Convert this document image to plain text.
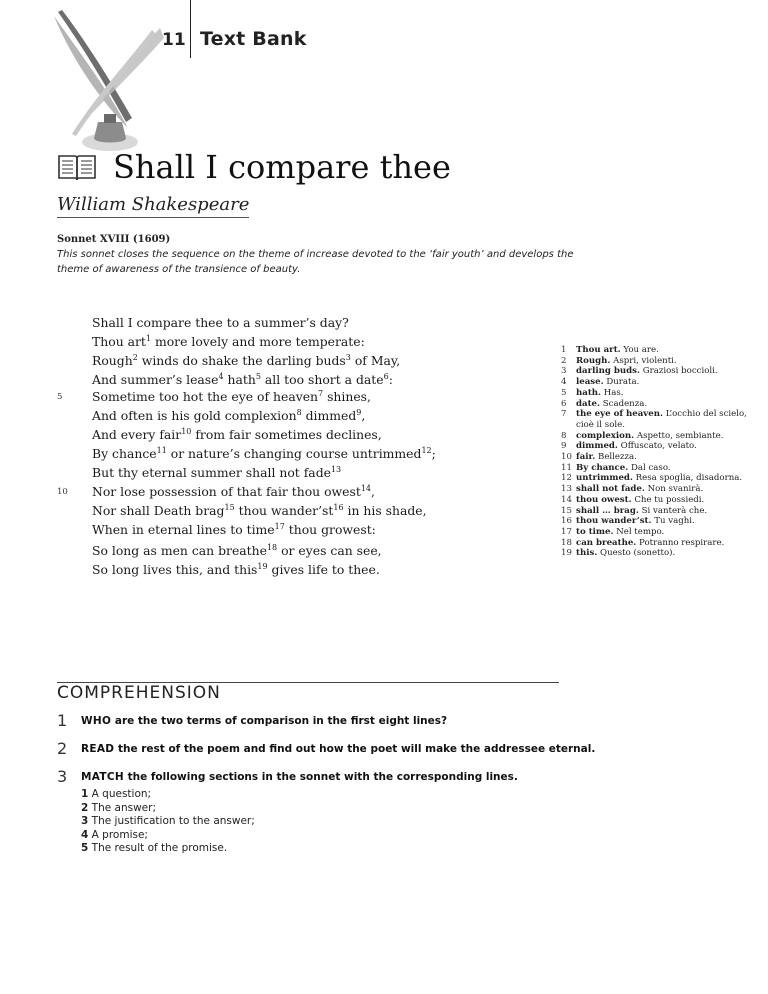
11 Text Bank
Shall I compare thee
William Shakespeare
Sonnet XVIII (1609)
This sonnet closes the sequence on the theme of increase devoted to the ‘fair youth’ and develops the theme of awareness of the transience of beauty.
Shall I compare thee to a summer’s day?
Thou art$^1$ more lovely and more temperate:
Rough$^2$ winds do shake the darling buds$^3$ of May,
And summer’s lease$^4$ hath$^5$ all too short a date$^6$:
5 Sometime too hot the eye of heaven$^7$ shines,
And often is his gold complexion$^8$ dimmed$^9$,
And every fair$^{10}$ from fair sometimes declines,
By chance$^{11}$ or nature’s changing course untrimmed$^{12}$;
10
But thy eternal summer shall not fade$^{13}$
Nor lose possession of that fair thou owest$^{14}$,
Nor shall Death brag$^{15}$ thou $wander’st^{16}$ in his shade,
When in eternal lines to time$^{17}$ thou growest:
So long as men can breathe$^{18}$ or eyes can see,
So long lives this, and this$^{19}$ gives life to thee.
1	Thou art. You are.
2	Rough. Aspri, violenti.
3	darling buds. Graziosi boccioli.
4	lease. Durata.
5	hath. Has.
6	date. Scadenza.
7	the eye of heaven. L’occhio del scielo, cioè il sole.
8	complexion. Aspetto, sembiante.
9	dimmed. Offuscato, velato.
10 fair. Bellezza.
11 By chance. Dal caso.
12 untrimmed. Resa spoglia, disadorna.
13 shall not fade. Non svanirà.
14 thou owest. Che tu possiedi.
15 shall … brag. Si vanterà che.
16 thou wander’st. Tu vaghi.
17 to time. Nel tempo.
18 can breathe. Potranno respirare.
19 this. Questo (sonetto).
COMPREHENSION
1 WHO are the two terms of comparison in the first eight lines?
2 READ the rest of the poem and find out how the poet will make the addressee eternal.
3 MATCH the following sections in the sonnet with the corresponding lines.
1 A question;
2 The answer;
3 The justification to the answer;
4 A promise;
5 The result of the promise.
